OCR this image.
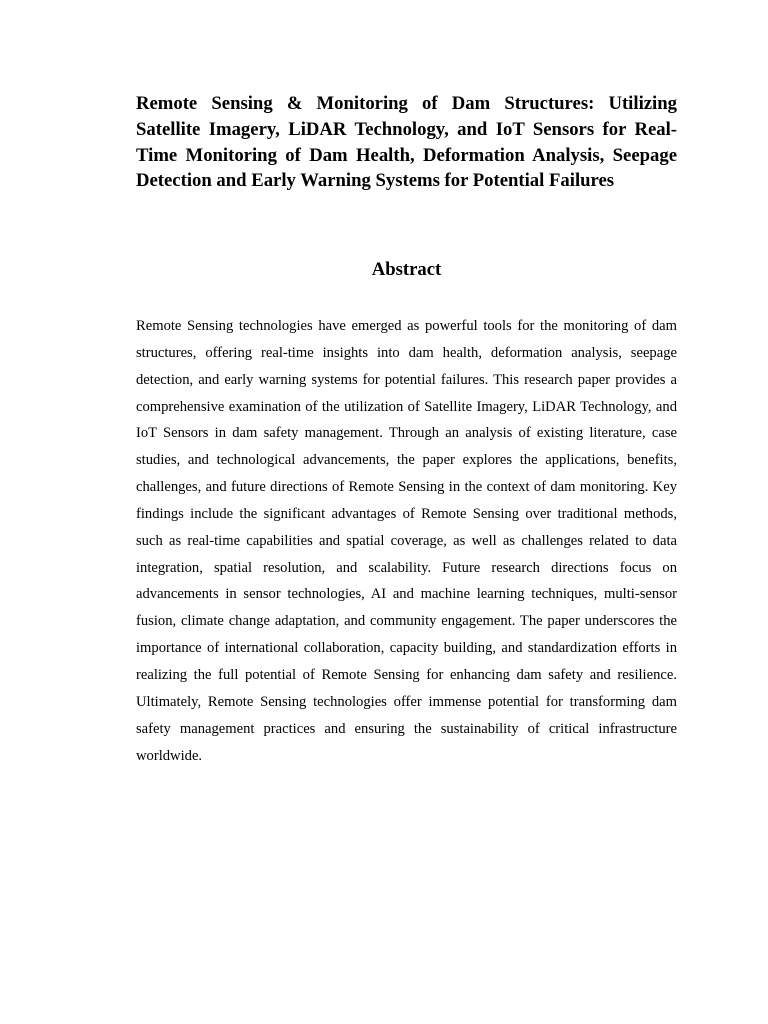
Remote Sensing & Monitoring of Dam Structures: Utilizing Satellite Imagery, LiDAR Technology, and IoT Sensors for Real-Time Monitoring of Dam Health, Deformation Analysis, Seepage Detection and Early Warning Systems for Potential Failures
Abstract

Remote Sensing technologies have emerged as powerful tools for the monitoring of dam structures, offering real-time insights into dam health, deformation analysis, seepage detection, and early warning systems for potential failures. This research paper provides a comprehensive examination of the utilization of Satellite Imagery, LiDAR Technology, and IoT Sensors in dam safety management. Through an analysis of existing literature, case studies, and technological advancements, the paper explores the applications, benefits, challenges, and future directions of Remote Sensing in the context of dam monitoring. Key findings include the significant advantages of Remote Sensing over traditional methods, such as real-time capabilities and spatial coverage, as well as challenges related to data integration, spatial resolution, and scalability. Future research directions focus on advancements in sensor technologies, AI and machine learning techniques, multi-sensor fusion, climate change adaptation, and community engagement. The paper underscores the importance of international collaboration, capacity building, and standardization efforts in realizing the full potential of Remote Sensing for enhancing dam safety and resilience. Ultimately, Remote Sensing technologies offer immense potential for transforming dam safety management practices and ensuring the sustainability of critical infrastructure worldwide.
